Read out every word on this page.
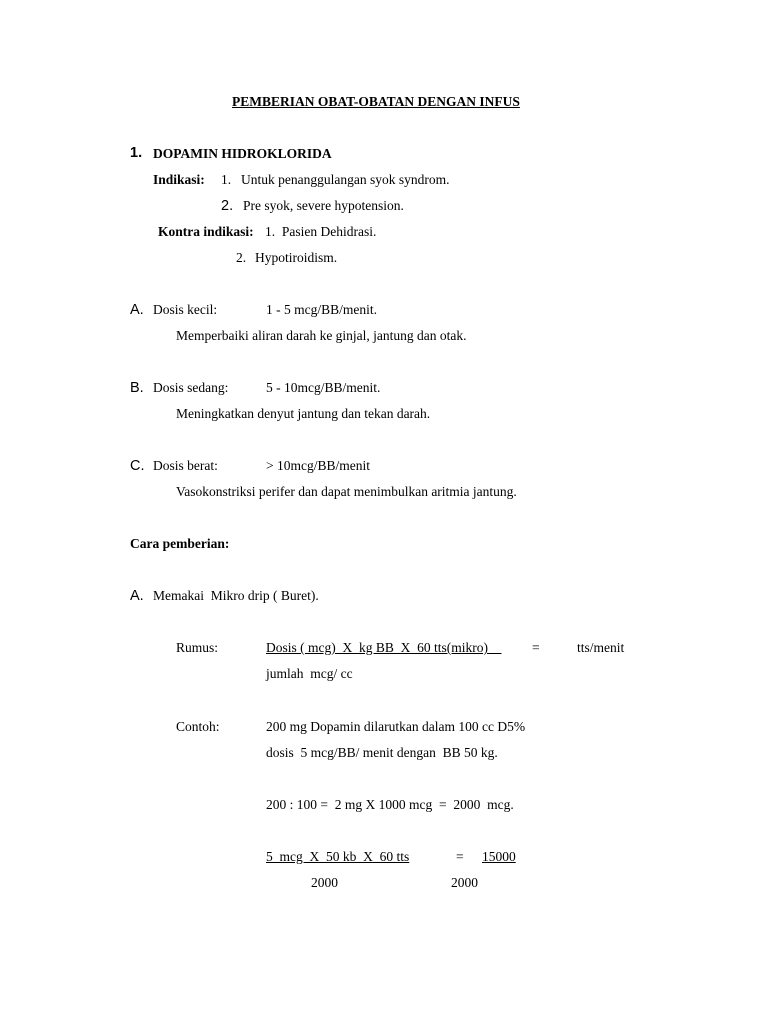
PEMBERIAN OBAT-OBATAN DENGAN INFUS
1. DOPAMIN HIDROKLORIDA
Indikasi: 1. Untuk penanggulangan syok syndrom.
2. Pre syok, severe hypotension.
Kontra indikasi: 1.  Pasien Dehidrasi.
2. Hypotiroidism.
A. Dosis kecil:	1 - 5 mcg/BB/menit.
Memperbaiki aliran darah ke ginjal, jantung dan otak.
B. Dosis sedang:	5 - 10mcg/BB/menit.
Meningkatkan denyut jantung dan tekan darah.
C. Dosis berat:	> 10mcg/BB/menit
Vasokonstriksi perifer dan dapat menimbulkan aritmia jantung.
Cara pemberian:
A. Memakai  Mikro drip ( Buret).
Rumus:	Dosis ( mcg)  X  kg BB  X  60 tts(mikro) =	tts/menit
jumlah  mcg/ cc
Contoh:	200 mg Dopamin dilarutkan dalam 100 cc D5%
dosis  5 mcg/BB/ menit dengan  BB 50 kg.
200 : 100 =  2 mg X 1000 mcg  =  2000  mcg.
5  mcg  X  50 kb  X  60 tts	= 15000
2000	2000
